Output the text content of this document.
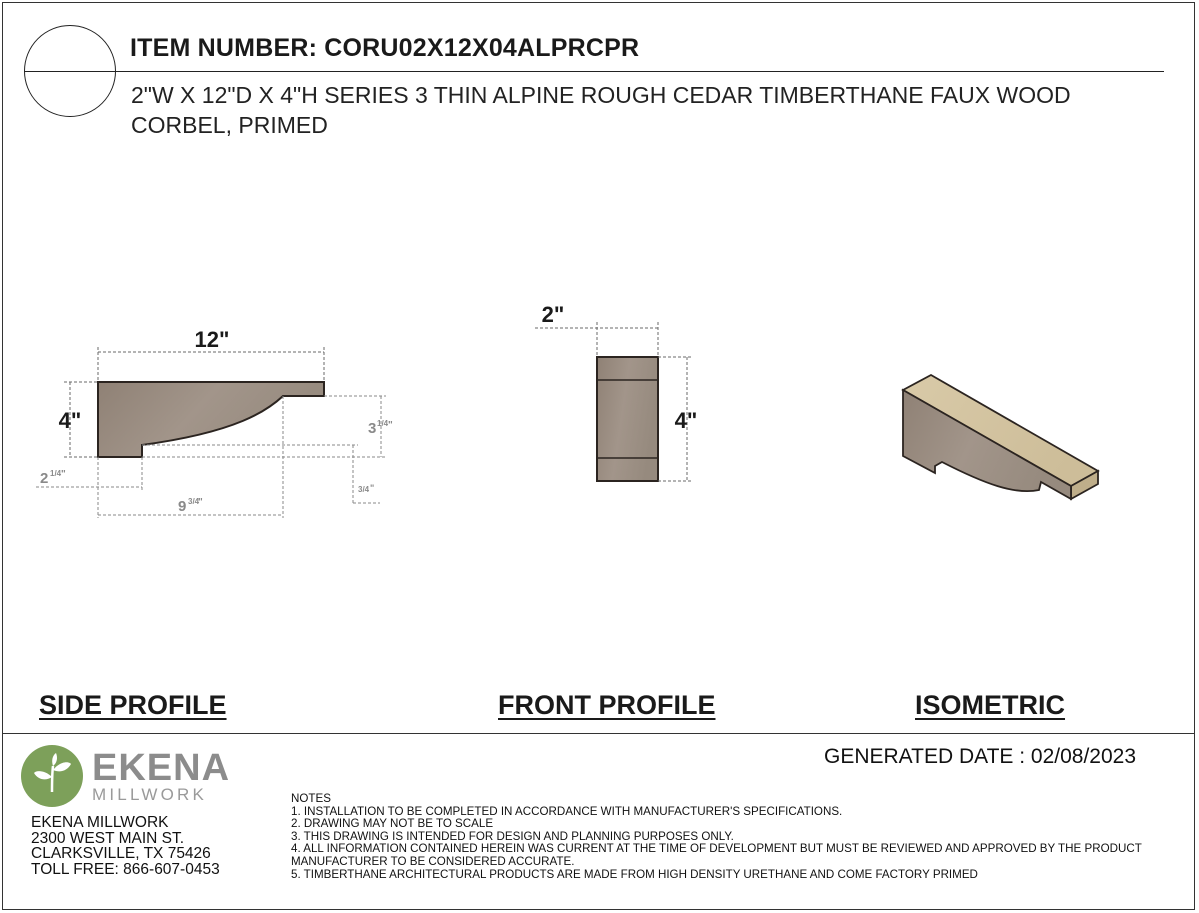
ITEM NUMBER: CORU02X12X04ALPRCPR
2"W X 12"D X 4"H SERIES 3 THIN ALPINE ROUGH CEDAR TIMBERTHANE FAUX WOOD CORBEL, PRIMED
12"
4"	3 1/4 "
2 1/4 "
9 3/4
"
3/4 "
2"
4"
SIDE PROFILE	FRONT PROFILE	ISOMETRIC
EKENA
MILLWORK
EKENA MILLWORK
2300 WEST MAIN ST.
CLARKSVILLE, TX 75426
TOLL FREE: 866-607-0453
GENERATED DATE : 02/08/2023
NOTES
1. INSTALLATION TO BE COMPLETED IN ACCORDANCE WITH MANUFACTURER'S SPECIFICATIONS.
2. DRAWING MAY NOT BE TO SCALE
3. THIS DRAWING IS INTENDED FOR DESIGN AND PLANNING PURPOSES ONLY.
4. ALL INFORMATION CONTAINED HEREIN WAS CURRENT AT THE TIME OF DEVELOPMENT BUT MUST BE REVIEWED AND APPROVED BY THE PRODUCT MANUFACTURER TO BE CONSIDERED ACCURATE.
5. TIMBERTHANE ARCHITECTURAL PRODUCTS ARE MADE FROM HIGH DENSITY URETHANE AND COME FACTORY PRIMED
